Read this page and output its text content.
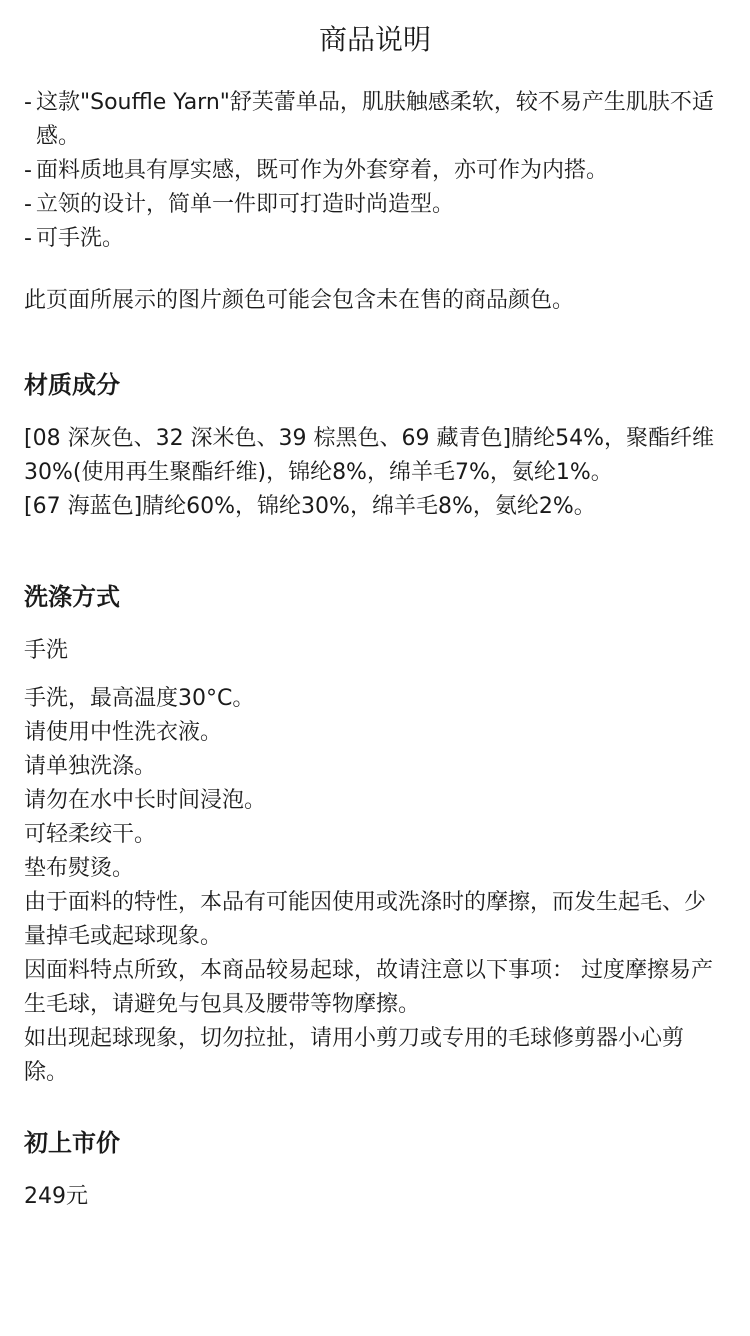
商品说明
- 这款"Souffle Yarn"舒芙蕾单品，肌肤触感柔软，较不易产生肌肤不适感。
- 面料质地具有厚实感，既可作为外套穿着，亦可作为内搭。
- 立领的设计，简单一件即可打造时尚造型。
- 可手洗。

此页面所展示的图片颜色可能会包含未在售的商品颜色。

材质成分

[08 深灰色、32 深米色、39 棕黑色、69 藏青色]腈纶54%，聚酯纤维30%(使用再生聚酯纤维)，锦纶8%，绵羊毛7%，氨纶1%。

[67 海蓝色]腈纶60%，锦纶30%，绵羊毛8%，氨纶2%。

洗涤方式

手洗

手洗，最高温度30°C。

请使用中性洗衣液。

请单独洗涤。

请勿在水中长时间浸泡。

可轻柔绞干。

垫布熨烫。

由于面料的特性，本品有可能因使用或洗涤时的摩擦，而发生起毛、少量掉毛或起球现象。

因面料特点所致，本商品较易起球，故请注意以下事项： 过度摩擦易产生毛球，请避免与包具及腰带等物摩擦。

如出现起球现象，切勿拉扯，请用小剪刀或专用的毛球修剪器小心剪除。

初上市价

249元
